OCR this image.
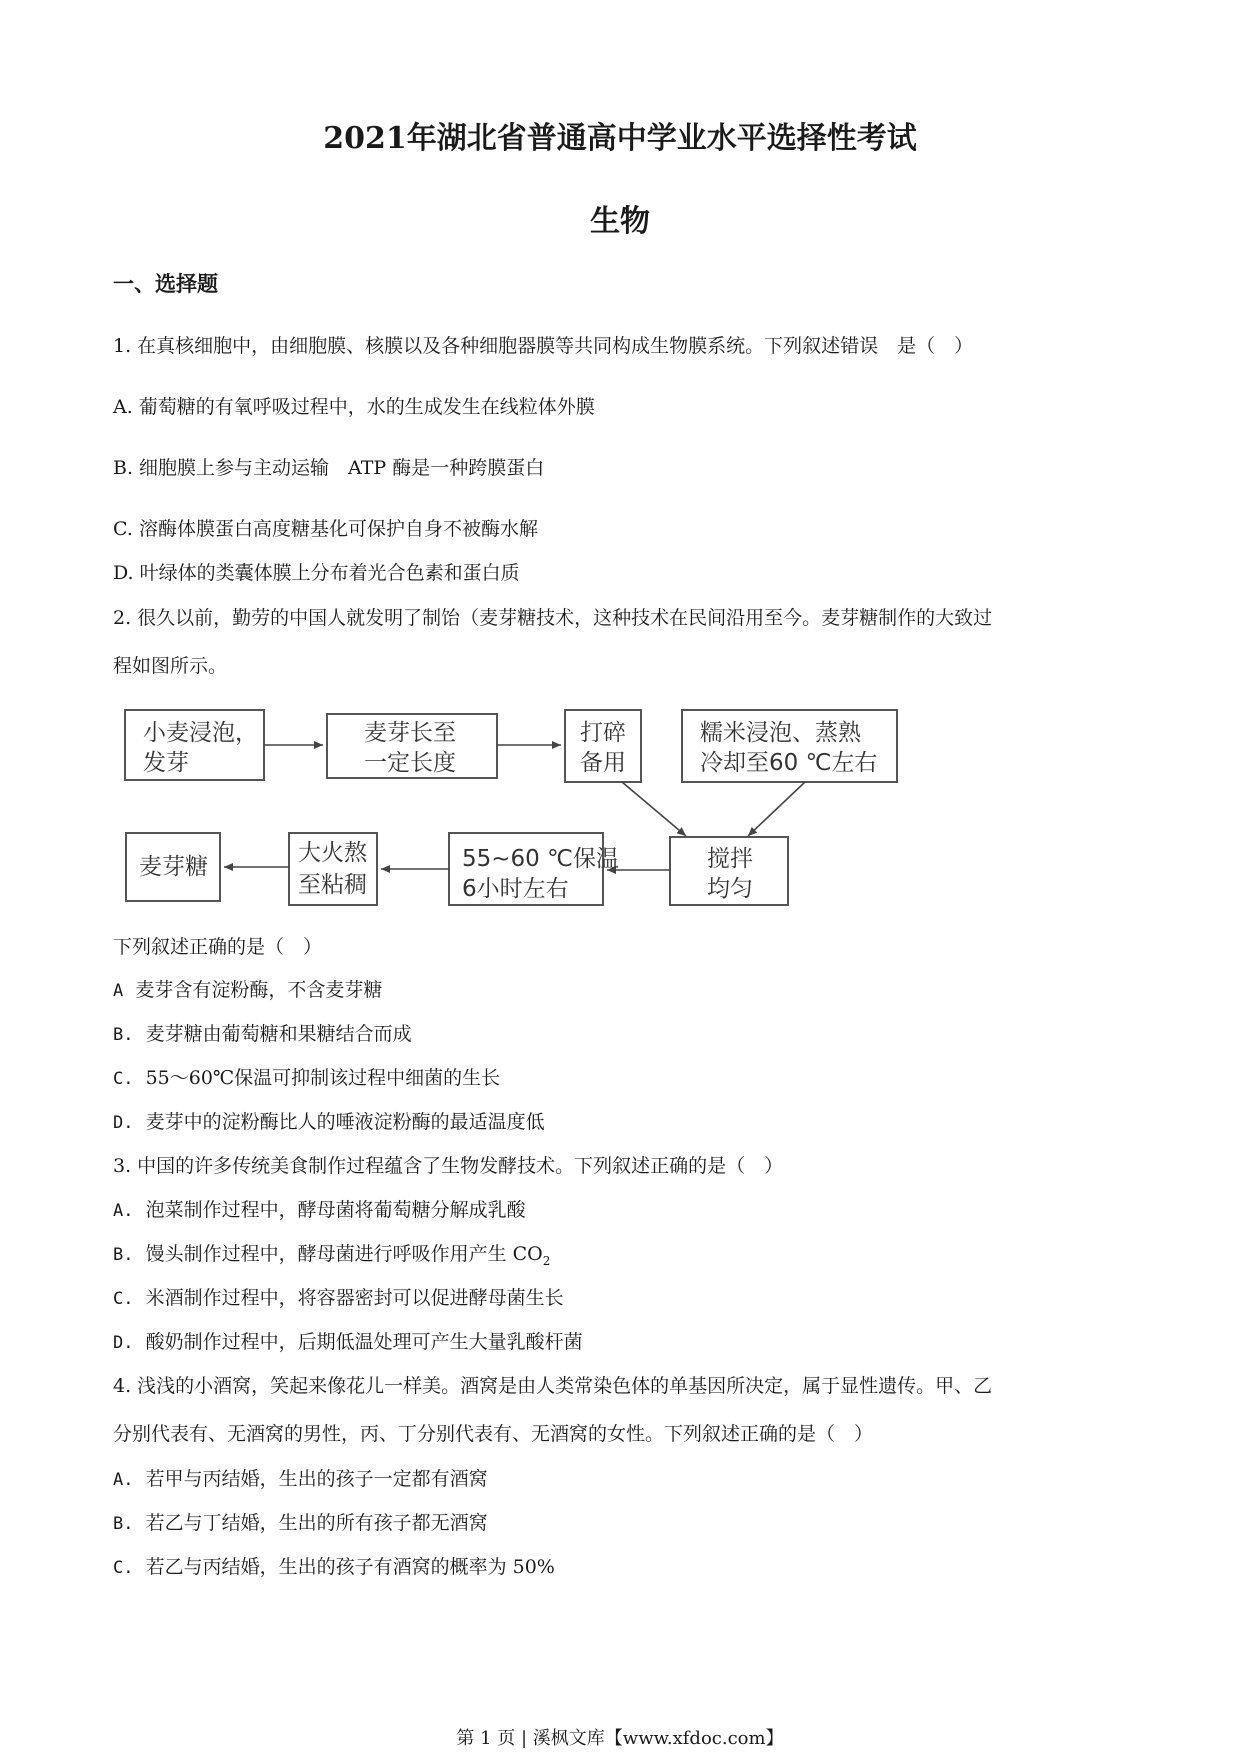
2021年湖北省普通高中学业水平选择性考试
生物
一、选择题
1. 在真核细胞中，由细胞膜、核膜以及各种细胞器膜等共同构成生物膜系统。下列叙述错误　是（　）
A. 葡萄糖的有氧呼吸过程中，水的生成发生在线粒体外膜
B. 细胞膜上参与主动运输　ATP 酶是一种跨膜蛋白
C. 溶酶体膜蛋白高度糖基化可保护自身不被酶水解
D. 叶绿体的类囊体膜上分布着光合色素和蛋白质
2. 很久以前，勤劳的中国人就发明了制饴（麦芽糖技术，这种技术在民间沿用至今。麦芽糖制作的大致过
程如图所示。
小麦浸泡，
发芽
麦芽长至
一定长度
打碎
备用
糯米浸泡、蒸熟
冷却至60 ℃左右
麦芽糖
大火熬
至粘稠
55~60 ℃保温
6小时左右
搅拌
均匀
下列叙述正确的是（　）
A 麦芽含有淀粉酶，不含麦芽糖
B. 麦芽糖由葡萄糖和果糖结合而成
C. 55～60℃保温可抑制该过程中细菌的生长
D. 麦芽中的淀粉酶比人的唾液淀粉酶的最适温度低
3. 中国的许多传统美食制作过程蕴含了生物发酵技术。下列叙述正确的是（　）
A. 泡菜制作过程中，酵母菌将葡萄糖分解成乳酸
B. 馒头制作过程中，酵母菌进行呼吸作用产生 $CO_2$
C. 米酒制作过程中，将容器密封可以促进酵母菌生长
D. 酸奶制作过程中，后期低温处理可产生大量乳酸杆菌
4. 浅浅的小酒窝，笑起来像花儿一样美。酒窝是由人类常染色体的单基因所决定，属于显性遗传。甲、乙
分别代表有、无酒窝的男性，丙、丁分别代表有、无酒窝的女性。下列叙述正确的是（　）
A. 若甲与丙结婚，生出的孩子一定都有酒窝
B. 若乙与丁结婚，生出的所有孩子都无酒窝
C. 若乙与丙结婚，生出的孩子有酒窝的概率为 50%
第 1 页 | 溪枫文库【www.xfdoc.com】
